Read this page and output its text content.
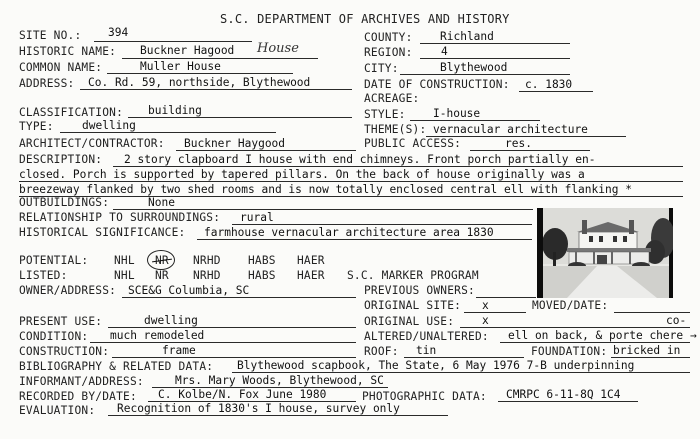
S.C. DEPARTMENT OF ARCHIVES AND HISTORY
SITE NO.: 394
HISTORIC NAME: Buckner Hagood House
COMMON NAME:	Muller House
ADDRESS: Co. Rd. 59, northside, Blythewood
COUNTY: Richland
REGION:	4
CITY:	Blythewood
DATE OF CONSTRUCTION: c. 1830
ACREAGE:
CLASSIFICATION: building	STYLE: I-house
TYPE:	dwelling	THEME(S): vernacular architecture
ARCHITECT/CONTRACTOR: Buckner Haygood	PUBLIC ACCESS:	res.
DESCRIPTION: 2 story clapboard I house with end chimneys. Front porch partially en-
closed. Porch is supported by tapered pillars. On the back of house originally was a
breezeway flanked by two shed rooms and is now totally enclosed central ell with flanking *
OUTBUILDINGS:	None
RELATIONSHIP TO SURROUNDINGS: rural
HISTORICAL SIGNIFICANCE: farmhouse vernacular architecture area 1830
POTENTIAL: NHL NR NRHD HABS HAER
LISTED:	NHL NR NRHD HABS HAER S.C. MARKER PROGRAM
OWNER/ADDRESS: SCE&G Columbia, SC	PREVIOUS OWNERS:
ORIGINAL SITE: x	MOVED/DATE:
PRESENT USE:	dwelling	ORIGINAL USE: x	co-
CONDITION: much remodeled	ALTERED/UNALTERED: ell on back, & porte chere →
CONSTRUCTION:	frame	ROOF: tin	FOUNDATION: bricked in
BIBLIOGRAPHY & RELATED DATA: Blythewood scapbook, The State, 6 May 1976 7-B underpinning
INFORMANT/ADDRESS:	Mrs. Mary Woods, Blythewood, SC
RECORDED BY/DATE: C. Kolbe/N. Fox June 1980	PHOTOGRAPHIC DATA: CMRPC 6-11-8Q 1C4
EVALUATION: Recognition of 1830's I house, survey only
